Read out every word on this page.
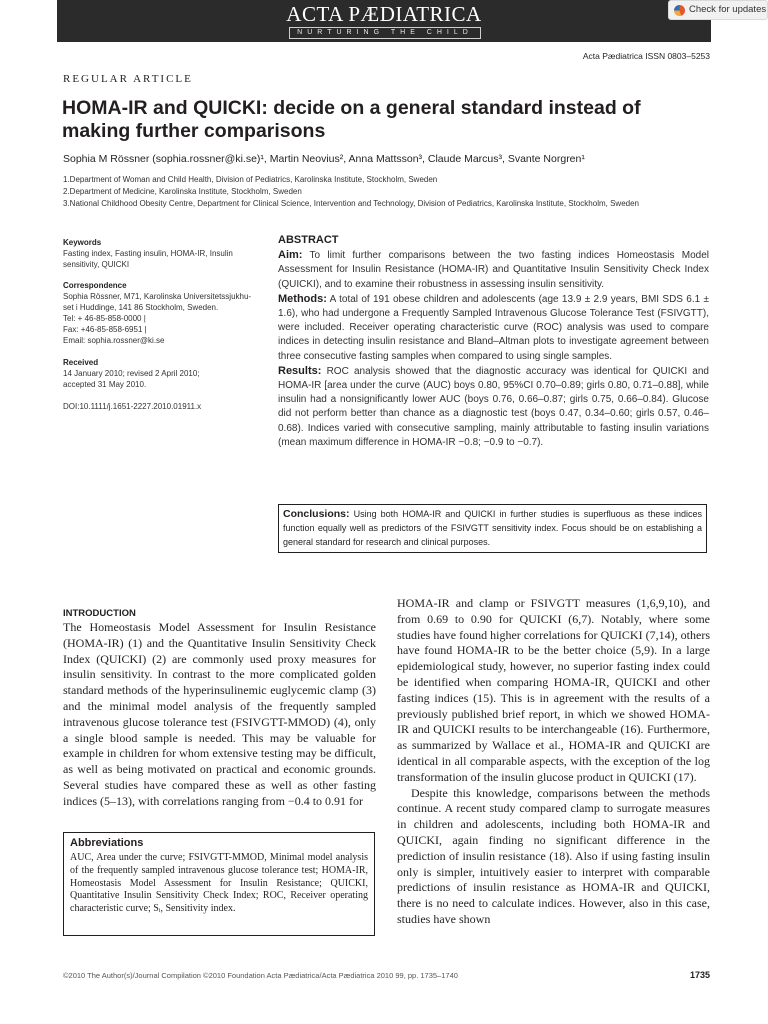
ACTA PÆDIATRICA
NURTURING THE CHILD
Check for updates
Acta Pædiatrica ISSN 0803–5253
REGULAR ARTICLE
HOMA-IR and QUICKI: decide on a general standard instead of making further comparisons
Sophia M Rössner (sophia.rossner@ki.se)¹, Martin Neovius², Anna Mattsson³, Claude Marcus³, Svante Norgren¹
1.Department of Woman and Child Health, Division of Pediatrics, Karolinska Institute, Stockholm, Sweden
2.Department of Medicine, Karolinska Institute, Stockholm, Sweden
3.National Childhood Obesity Centre, Department for Clinical Science, Intervention and Technology, Division of Pediatrics, Karolinska Institute, Stockholm, Sweden
Keywords
Fasting index, Fasting insulin, HOMA-IR, Insulin sensitivity, QUICKI
Correspondence
Sophia Rössner, M71, Karolinska Universitetssjukhu-
set i Huddinge, 141 86 Stockholm, Sweden.
Tel: + 46-85-858-0000 |
Fax: +46-85-858-6951 |
Email: sophia.rossner@ki.se
Received
14 January 2010; revised 2 April 2010;
accepted 31 May 2010.
DOI:10.1111/j.1651-2227.2010.01911.x
ABSTRACT

Aim: To limit further comparisons between the two fasting indices Homeostasis Model Assessment for Insulin Resistance (HOMA-IR) and Quantitative Insulin Sensitivity Check Index (QUICKI), and to examine their robustness in assessing insulin sensitivity.

Methods: A total of 191 obese children and adolescents (age 13.9 ± 2.9 years, BMI SDS 6.1 ± 1.6), who had undergone a Frequently Sampled Intravenous Glucose Tolerance Test (FSIVGTT), were included. Receiver operating characteristic curve (ROC) analysis was used to compare indices in detecting insulin resistance and Bland–Altman plots to investigate agreement between three consecutive fasting samples when compared to using single samples.

Results: ROC analysis showed that the diagnostic accuracy was identical for QUICKI and HOMA-IR [area under the curve (AUC) boys 0.80, 95%CI 0.70–0.89; girls 0.80, 0.71–0.88], while insulin had a nonsignificantly lower AUC (boys 0.76, 0.66–0.87; girls 0.75, 0.66–0.84). Glucose did not perform better than chance as a diagnostic test (boys 0.47, 0.34–0.60; girls 0.57, 0.46–0.68). Indices varied with consecutive sampling, mainly attributable to fasting insulin variations (mean maximum difference in HOMA-IR −0.8; −0.9 to −0.7).

Conclusions: Using both HOMA-IR and QUICKI in further studies is superfluous as these indices function equally well as predictors of the FSIVGTT sensitivity index. Focus should be on establishing a general standard for research and clinical purposes.
INTRODUCTION

The Homeostasis Model Assessment for Insulin Resistance (HOMA-IR) (1) and the Quantitative Insulin Sensitivity Check Index (QUICKI) (2) are commonly used proxy measures for insulin sensitivity. In contrast to the more complicated golden standard methods of the hyperinsulinemic euglycemic clamp (3) and the minimal model analysis of the frequently sampled intravenous glucose tolerance test (FSIVGTT-MMOD) (4), only a single blood sample is needed. This may be valuable for example in children for whom extensive testing may be difficult, as well as being motivated on practical and economic grounds. Several studies have compared these as well as other fasting indices (5–13), with correlations ranging from −0.4 to 0.91 for

HOMA-IR and clamp or FSIVGTT measures (1,6,9,10), and from 0.69 to 0.90 for QUICKI (6,7). Notably, where some studies have found higher correlations for QUICKI (7,14), others have found HOMA-IR to be the better choice (5,9). In a large epidemiological study, however, no superior fasting index could be identified when comparing HOMA-IR, QUICKI and other fasting indices (15). This is in agreement with the results of a previously published brief report, in which we showed HOMA-IR and QUICKI results to be interchangeable (16). Furthermore, as summarized by Wallace et al., HOMA-IR and QUICKI are identical in all comparable aspects, with the exception of the log transformation of the insulin glucose product in QUICKI (17).

Despite this knowledge, comparisons between the methods continue. A recent study compared clamp to surrogate measures in children and adolescents, including both HOMA-IR and QUICKI, again finding no significant difference in the prediction of insulin resistance (18). Also if using fasting insulin only is simpler, intuitively easier to interpret with comparable predictions of insulin resistance as HOMA-IR and QUICKI, there is no need to calculate indices. However, also in this case, studies have shown

Abbreviations
AUC, Area under the curve; FSIVGTT-MMOD, Minimal model analysis of the frequently sampled intravenous glucose tolerance test; HOMA-IR, Homeostasis Model Assessment for Insulin Resistance; QUICKI, Quantitative Insulin Sensitivity Check Index; ROC, Receiver operating characteristic curve; Sᵢ, Sensitivity index.
©2010 The Author(s)/Journal Compilation ©2010 Foundation Acta Pædiatrica/Acta Pædiatrica 2010 99, pp. 1735–1740	1735
